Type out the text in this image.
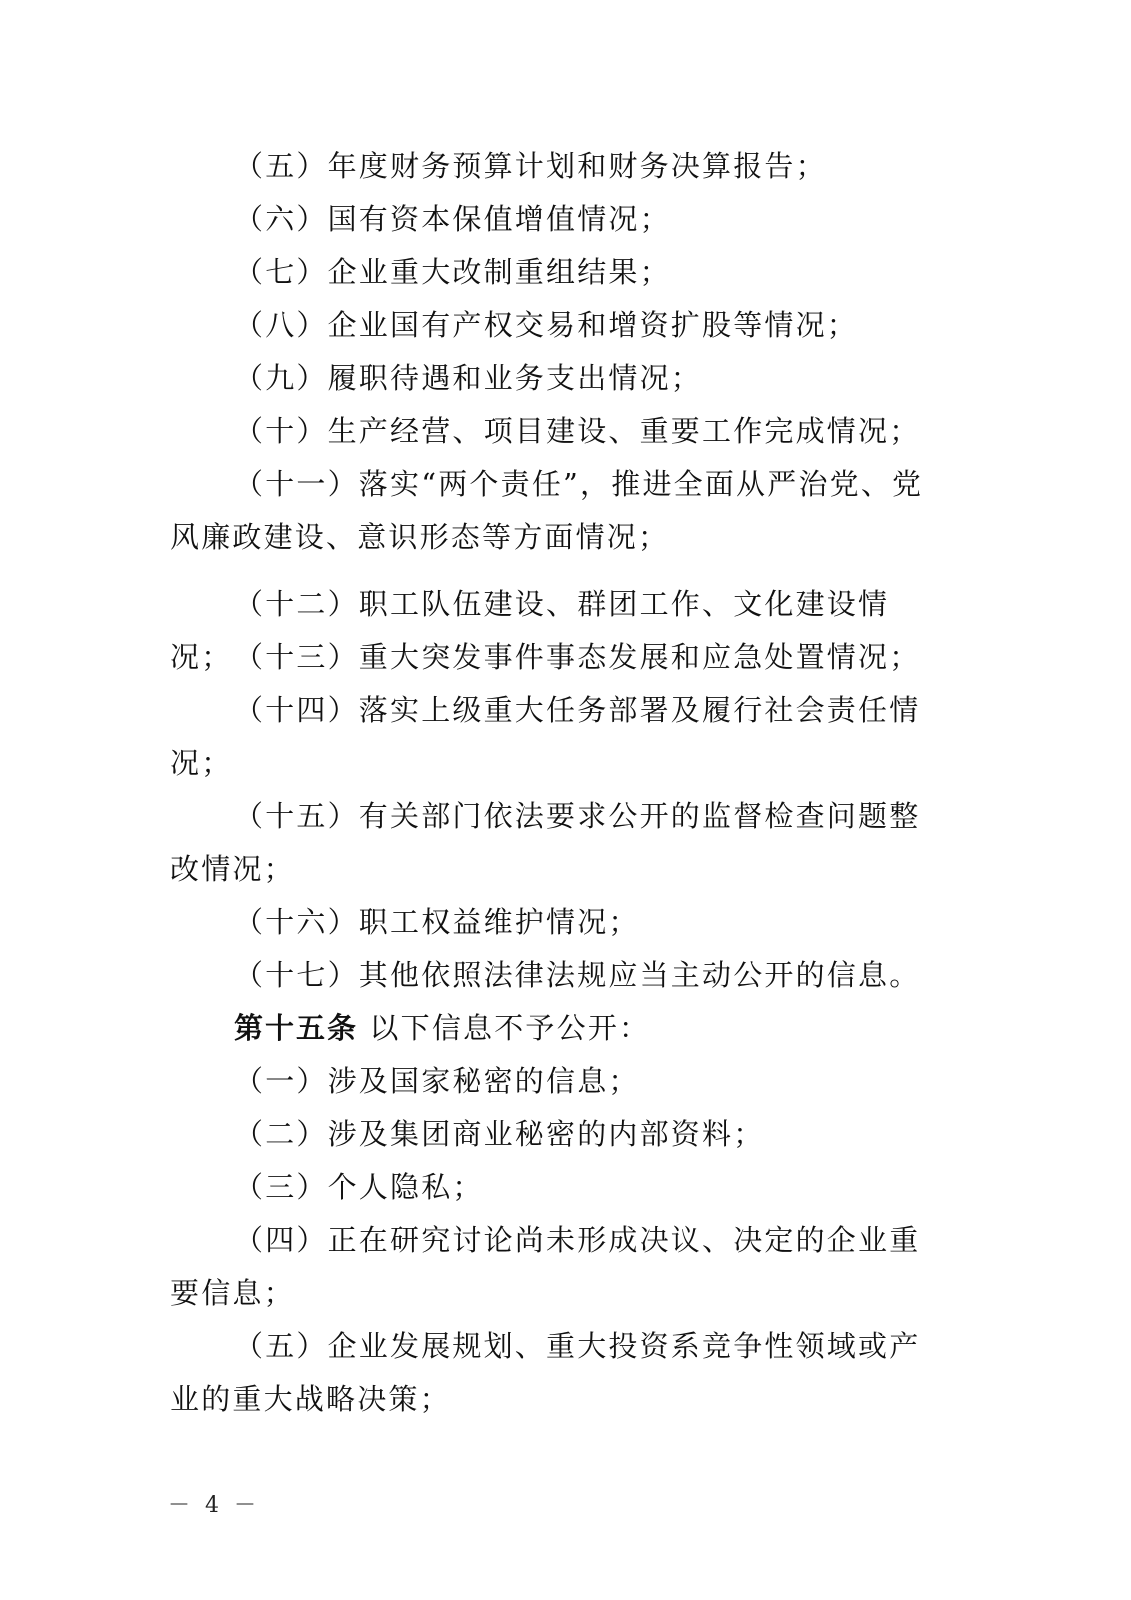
（五）年度财务预算计划和财务决算报告；

（六）国有资本保值增值情况；

（七）企业重大改制重组结果；

（八）企业国有产权交易和增资扩股等情况；

（九）履职待遇和业务支出情况；

（十）生产经营、项目建设、重要工作完成情况；

（十一）落实“两个责任”，推进全面从严治党、党风廉政建设、意识形态等方面情况；

（十二）职工队伍建设、群团工作、文化建设情况； （十三）重大突发事件事态发展和应急处置情况；

（十四）落实上级重大任务部署及履行社会责任情况；

（十五）有关部门依法要求公开的监督检查问题整改情况；

（十六）职工权益维护情况；

（十七）其他依照法律法规应当主动公开的信息。

第十五条 以下信息不予公开：

（一）涉及国家秘密的信息；

（二）涉及集团商业秘密的内部资料；

（三）个人隐私；

（四）正在研究讨论尚未形成决议、决定的企业重要信息；

（五）企业发展规划、重大投资系竞争性领域或产业的重大战略决策；

－ 4 －
